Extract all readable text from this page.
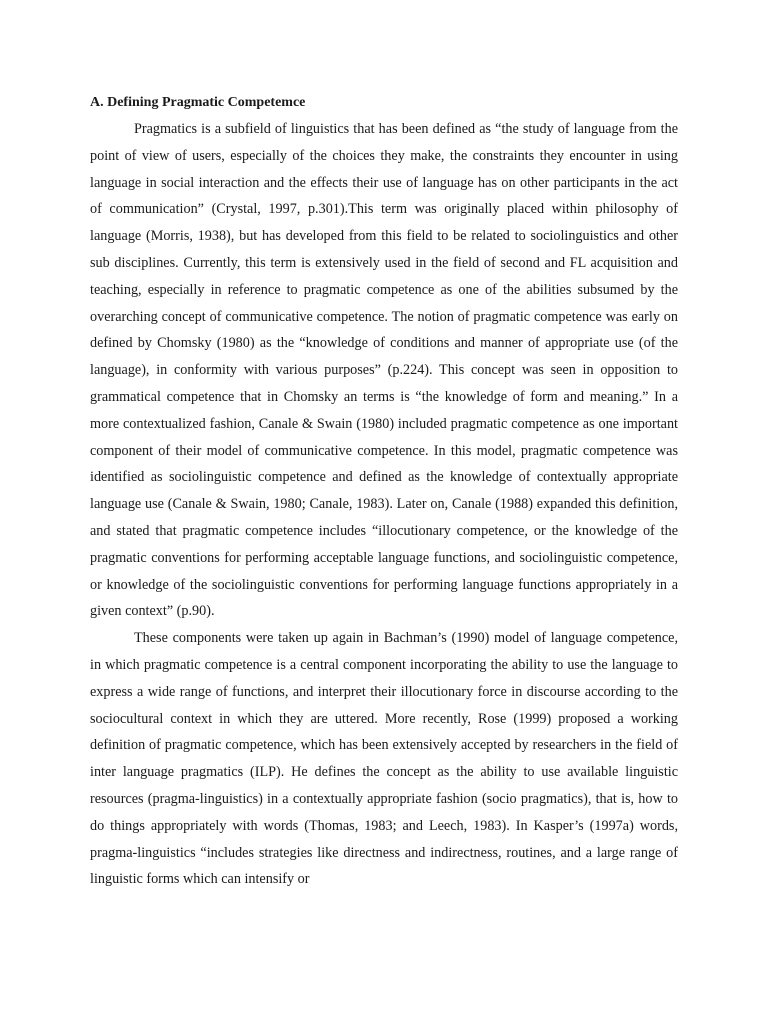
A. Defining Pragmatic Competemce

Pragmatics is a subfield of linguistics that has been defined as “the study of language from the point of view of users, especially of the choices they make, the constraints they encounter in using language in social interaction and the effects their use of language has on other participants in the act of communication” (Crystal, 1997, p.301).This term was originally placed within philosophy of language (Morris, 1938), but has developed from this field to be related to sociolinguistics and other sub disciplines. Currently, this term is extensively used in the field of second and FL acquisition and teaching, especially in reference to pragmatic competence as one of the abilities subsumed by the overarching concept of communicative competence. The notion of pragmatic competence was early on defined by Chomsky (1980) as the “knowledge of conditions and manner of appropriate use (of the language), in conformity with various purposes” (p.224). This concept was seen in opposition to grammatical competence that in Chomsky an terms is “the knowledge of form and meaning.” In a more contextualized fashion, Canale & Swain (1980) included pragmatic competence as one important component of their model of communicative competence. In this model, pragmatic competence was identified as sociolinguistic competence and defined as the knowledge of contextually appropriate language use (Canale & Swain, 1980; Canale, 1983). Later on, Canale (1988) expanded this definition, and stated that pragmatic competence includes “illocutionary competence, or the knowledge of the pragmatic conventions for performing acceptable language functions, and sociolinguistic competence, or knowledge of the sociolinguistic conventions for performing language functions appropriately in a given context” (p.90).

These components were taken up again in Bachman’s (1990) model of language competence, in which pragmatic competence is a central component incorporating the ability to use the language to express a wide range of functions, and interpret their illocutionary force in discourse according to the sociocultural context in which they are uttered. More recently, Rose (1999) proposed a working definition of pragmatic competence, which has been extensively accepted by researchers in the field of inter language pragmatics (ILP). He defines the concept as the ability to use available linguistic resources (pragma-linguistics) in a contextually appropriate fashion (socio pragmatics), that is, how to do things appropriately with words (Thomas, 1983; and Leech, 1983). In Kasper’s (1997a) words, pragma-linguistics “includes strategies like directness and indirectness, routines, and a large range of linguistic forms which can intensify or
